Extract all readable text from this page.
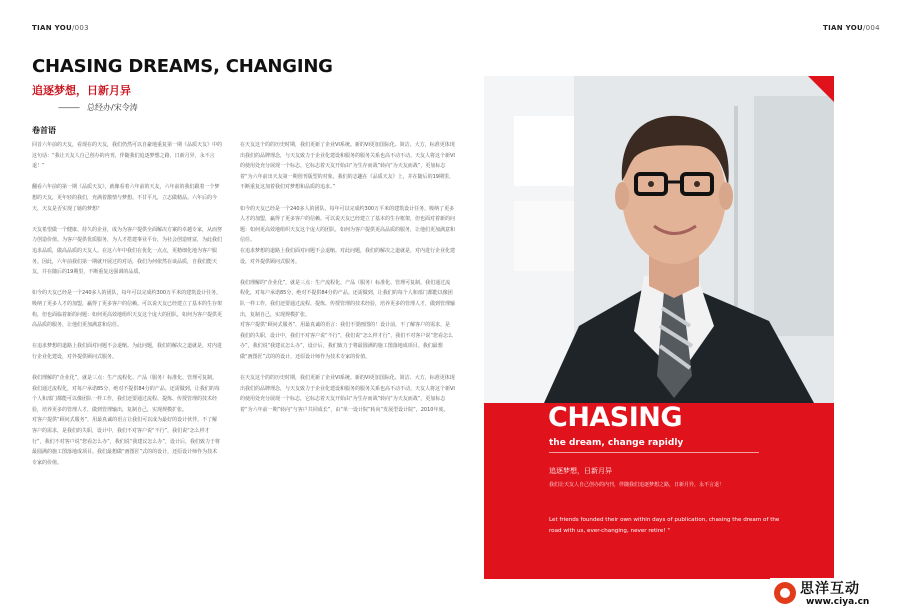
TIAN YOU/003	TIAN YOU/004
CHASING DREAMS, CHANGING
追逐梦想，日新月异
——— 总经办/宋令涛
卷首语

回首六年前的天友，看现在的天友，我们仍然可以自豪地重复第一期《品质天友》中的这句话：“我让天友人自己创办的内刊，伴随我们追逐梦想之路，日新月异，永不言退！”

翻看六年前的第一期《品质天友》，就像看着六年前的天友，六年前的我们跟着一个梦想的天友，更年轻的我们，充满着激情与梦想。不甘平凡，立志做精品。六年后的今天，天友是否实现了她的梦想？

天友希望做一个健康、持久的企业，成为为客户提供全面解决方案的卓越专家，从而努力创造价值。为客户提供优质服务，为人才搭建事业平台，为社会创造财富，为此我们追求品质，做高品质的天友人。在这六年中我们在优化一点点，更精细化地为客户服务。因此，六年前我们第一期就开展过的对话，我们为何依然在谈品质，自我们能天友，并在随后的19期里，不断重复这强调的品质。

如今的天友已经是一个240多人的团队，每年可以完成约300万平米的建筑设计任务，吸纳了更多人才的加盟，赢得了更多客户的信赖。可以说天友已经建立了基本的生存架构，但也面临着新的问题：如何更高效地组织天友这个庞大的团队，如何为客户提供更高品质的服务，让他们更加满意和信任。

在追求梦想的道路上我们面对问题不会退缩。为此问题，我们的解决之道就是，对内进行企业化建设，对外提供顾问式服务。

我们理解的“企业化”，就是三点：生产流程化、产品（服务）标准化、管理可复制。我们通过流程化，对每户承诺85分，绝对不提供84分的产品。还需做到，让我们的每个人和部门都能可以像团队一样工作，我们还要通过流程、提炼、传授管理的技术经验，培养更多的管理人才，做到管理输出，复制自己，实现规模扩张。

对客户提供“顾问式服务”，用最真诚的语言让我们可以成为最好的设计伙伴。不了解客户的需求，是我们的失职，设计中，我们不对客户说“不行”，我们说“怎么样才行”，我们不对客户说“您看怎么办”，我们说“我建议怎么办”，设计后，我们致力于将最圆满的施工图落地成项目。我们最想做“画图匠”式的的设计，还原设计师作为技术专家的价值。

在天友这个的的历史时期，我们更新了企业VI系统。新的VI更加国际化、简洁、大方，标准更体现出我们的品牌理念，与天友致力于企业化建设和服务的服务关系也高不动不动。天友人将这个新VI的使用处充分展现一个标志，它标志着天友开始由“为生存而战”转向“为天友而战”，更加标志着“为六年前出天友第一期创刊版型的对象，我们的志趣在《品质天友》上，并在随后的19期里，不断重复这加着我们对梦想和品质的追求。”

如今的天友已经是一个240多人的团队，每年可以完成约300万平米的建筑设计任务，吸纳了更多人才的加盟，赢得了更多客户的信赖。可以说天友已经建立了基本的生存框架，但也面对着新的问题：如何更高效地组织天友这个庞大的团队，如何为客户提供更高品质的服务，让他们更加满意和信任。

在追求梦想的道路上我们面对问题不会退缩。对此问题，我们的解决之道就是，对内进行企业化建设，对外提供顾问式服务。

我们理解的“企业化”，就是三点：生产流程化、产品（服务）标准化、管理可复制。我们通过流程化，对每户承诺85分，绝对不提供84分的产品。还需做到，让我们的每个人和部门都能以像团队一样工作，我们还要通过流程、提炼、传授管理的技术经验，培养更多的管理人才，做到管理输出，复制自己，实现规模扩张。

对客户提供“顾问式服务”，用最真诚的语言：我们不要画图的！设计前，不了解客户的需求，是我们的失职，设计中，我们不对客户说“不行”，我们说“怎么样才行”，我们不对客户说“您看怎么办”，我们说“我建议怎么办”，设计后，我们致力于将最圆满的施工图落地成项目。我们最想做“画图匠”式的的设计，还原设计师作为技术专家的价值。

在天友这个的的历史时期，我们更新了企业VI系统。新的VI更加国际化、简洁、大方，标准更体现出我们的品牌理念，与天友致力于企业化建设和服务的服务关系也高不动不动。天友人将这个新VI的使用处充分展现一个标志，它标志着天友开始由“为生存而战”转向“为天友而战”，更加标志着“为六年前一期”转向“与客户共同成长”，由“单一设计院”转向“发展型设计院”，2010年度。	CHASING
the dream, change rapidly
追逐梦想，日新月异
我们让天友人自己创办的内刊，伴随我们追逐梦想之路，日新月异，永不言退！
Let friends founded their own within days of publication, chasing the dream of the road with us, ever-changing, never retire! "
思洋互动
www.ciya.cn
